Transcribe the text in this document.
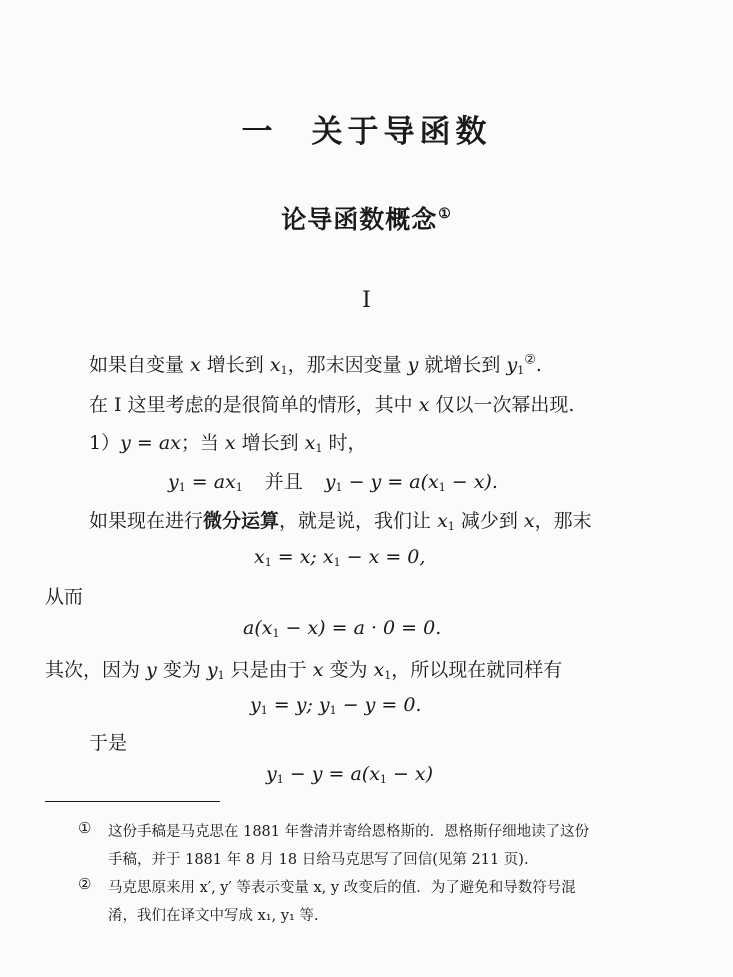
一 关于导函数
论导函数概念①
I
如果自变量 x 增长到 $x_1$，那末因变量 y 就增长到 $y_1^②$.
在 I 这里考虑的是很简单的情形，其中 x 仅以一次幂出现.
1）y = ax；当 x 增长到 $x_1$ 时，
$y_1 = ax_1$ 并且 $y_1 - y = a(x_1 - x)$.
如果现在进行微分运算，就是说，我们让 $x_1$ 减少到 x，那末
$x_1 = x$; $x_1 - x = 0$,
从而
$a(x_1 - x) = a \cdot 0 = 0$.
其次，因为 y 变为 $y_1$ 只是由于 x 变为 $x_1$，所以现在就同样有
$y_1 = y$; $y_1 - y = 0$.
于是
$y_1 - y = a(x_1 - x)$
① 这份手稿是马克思在 1881 年誊清并寄给恩格斯的．恩格斯仔细地读了这份
手稿，并于 1881 年 8 月 18 日给马克思写了回信(见第 211 页).
② 马克思原来用 x′, y′ 等表示变量 x, y 改变后的值．为了避免和导数符号混
淆，我们在译文中写成 x₁, y₁ 等.
